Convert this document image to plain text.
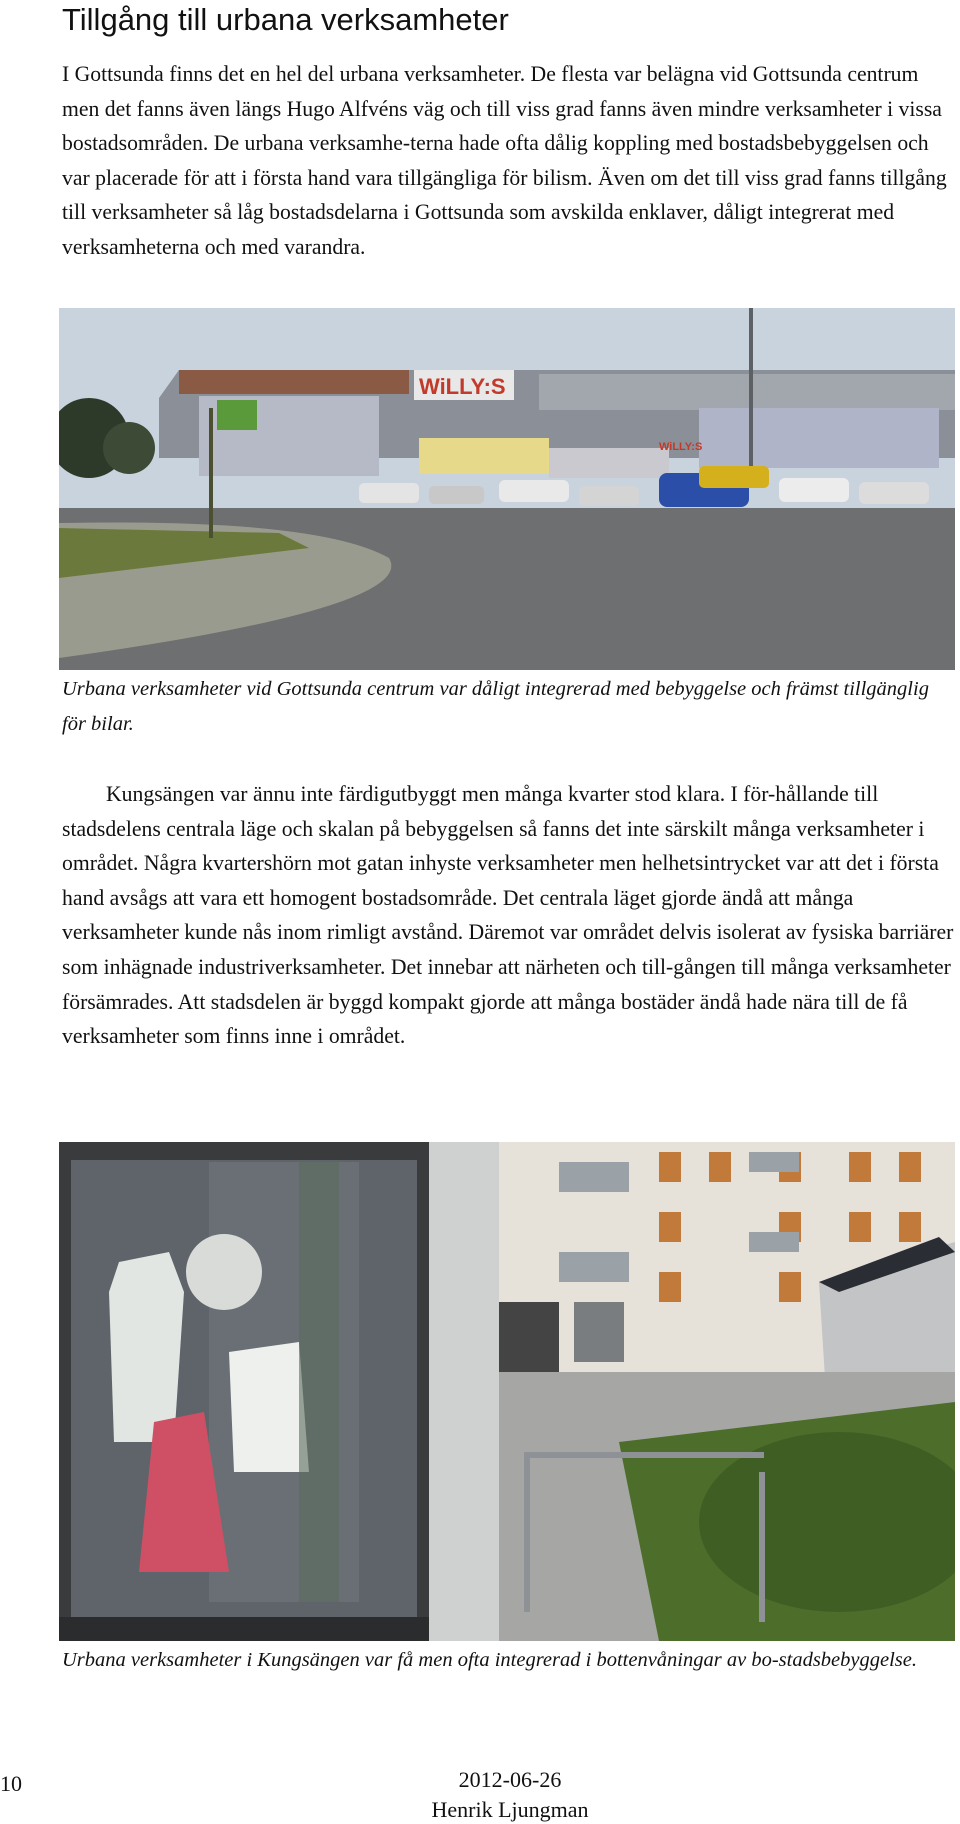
Tillgång till urbana verksamheter

I Gottsunda finns det en hel del urbana verksamheter. De flesta var belägna vid Gottsunda centrum men det fanns även längs Hugo Alfvéns väg och till viss grad fanns även mindre verksamheter i vissa bostadsområden. De urbana verksamhe-terna hade ofta dålig koppling med bostadsbebyggelsen och var placerade för att i första hand vara tillgängliga för bilism. Även om det till viss grad fanns tillgång till verksamheter så låg bostadsdelarna i Gottsunda som avskilda enklaver, dåligt integrerat med verksamheterna och med varandra.

WiLLY:S
WiLLY:S

Urbana verksamheter vid Gottsunda centrum var dåligt integrerad med bebyggelse och främst tillgänglig för bilar.

Kungsängen var ännu inte färdigutbyggt men många kvarter stod klara. I för-hållande till stadsdelens centrala läge och skalan på bebyggelsen så fanns det inte särskilt många verksamheter i området. Några kvartershörn mot gatan inhyste verksamheter men helhetsintrycket var att det i första hand avsågs att vara ett homogent bostadsområde. Det centrala läget gjorde ändå att många verksamheter kunde nås inom rimligt avstånd. Däremot var området delvis isolerat av fysiska barriärer som inhägnade industriverksamheter. Det innebar att närheten och till-gången till många verksamheter försämrades. Att stadsdelen är byggd kompakt gjorde att många bostäder ändå hade nära till de få verksamheter som finns inne i området.

Urbana verksamheter i Kungsängen var få men ofta integrerad i bottenvåningar av bo-stadsbebyggelse.

10	2012-06-26
Henrik Ljungman
